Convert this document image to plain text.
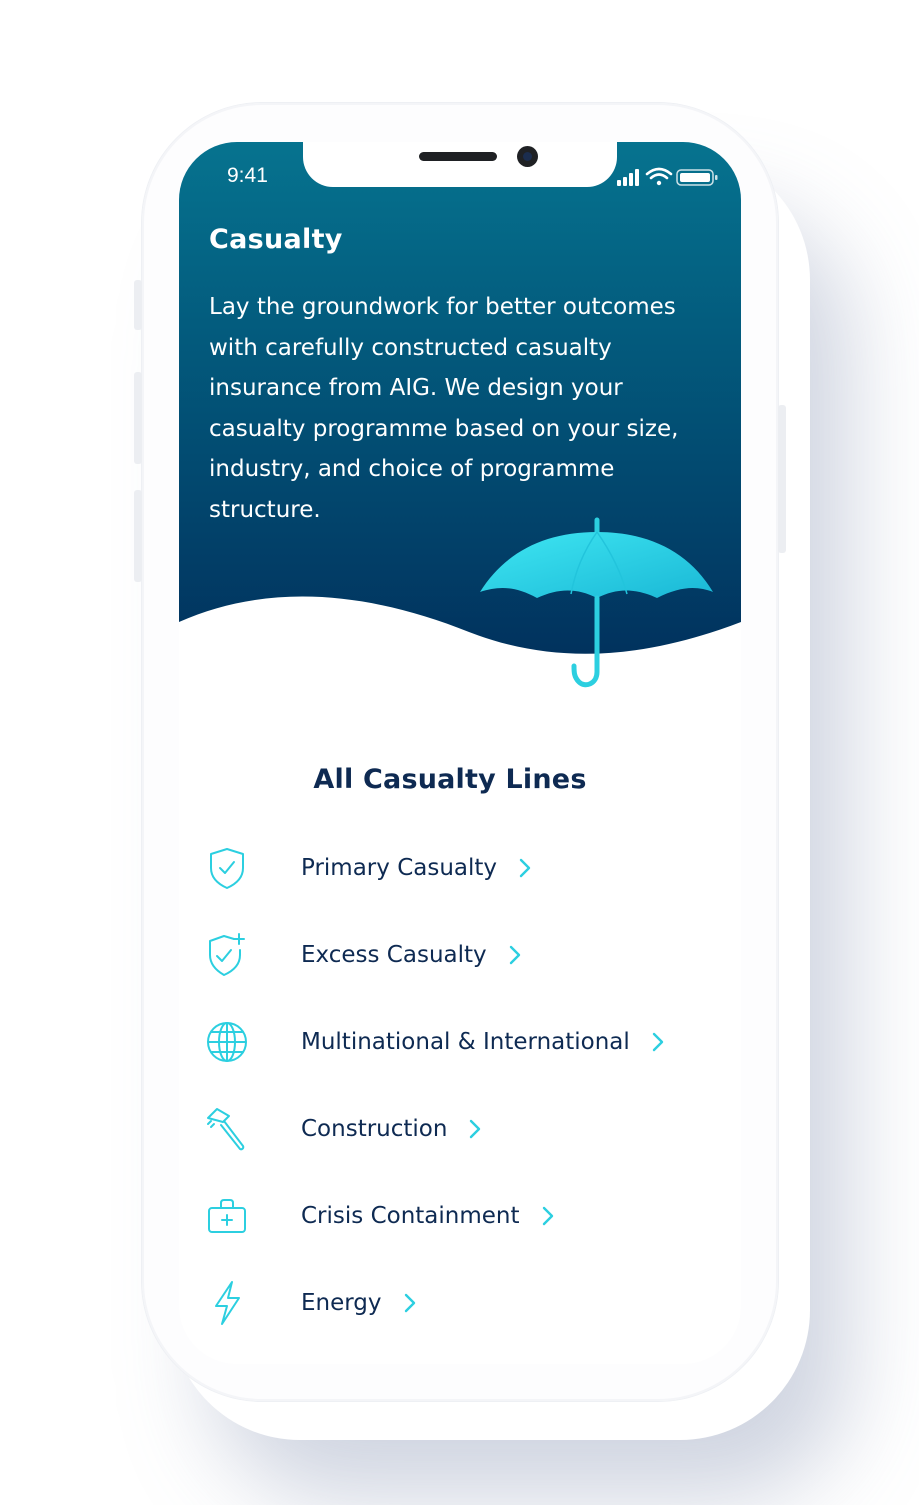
9:41
Casualty
Lay the groundwork for better outcomes with carefully constructed casualty insurance from AIG. We design your casualty programme based on your size, industry, and choice of programme structure.
All Casualty Lines
Primary Casualty
Excess Casualty
Multinational & International
Construction
Crisis Containment
Energy
